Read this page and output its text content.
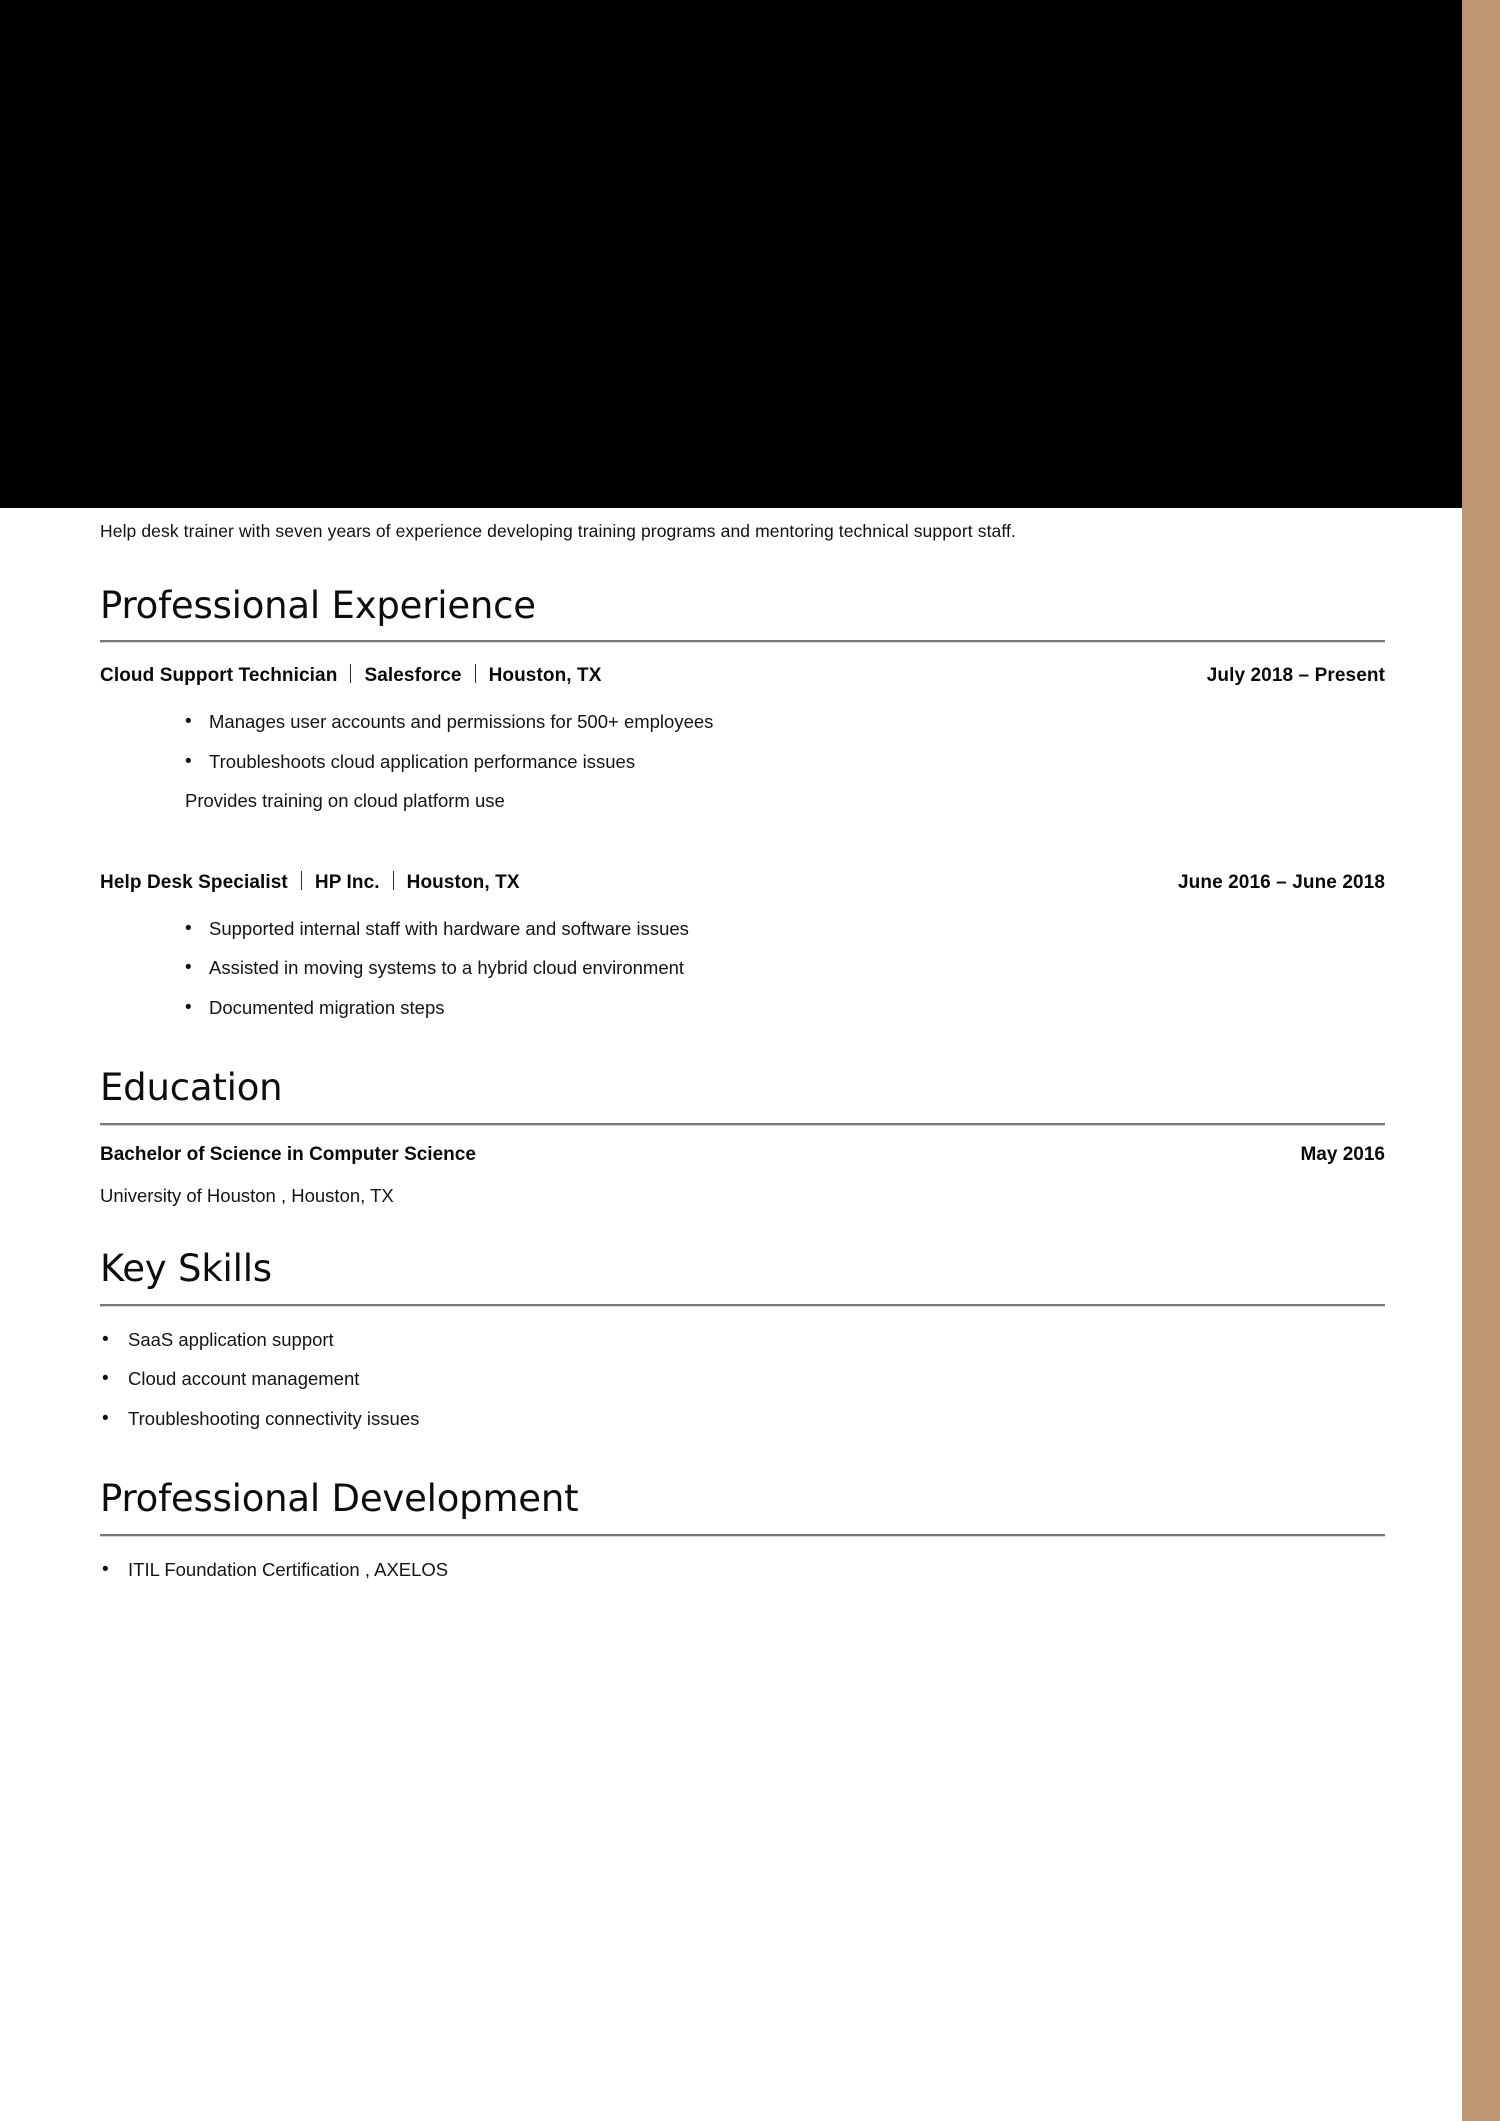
Help desk trainer with seven years of experience developing training programs and mentoring technical support staff.
Professional Experience
Cloud Support Technician Salesforce Houston, TX	July 2018 – Present
• Manages user accounts and permissions for 500+ employees
• Troubleshoots cloud application performance issues
Provides training on cloud platform use
Help Desk Specialist HP Inc. Houston, TX	June 2016 – June 2018
• Supported internal staff with hardware and software issues
• Assisted in moving systems to a hybrid cloud environment
• Documented migration steps
Education
Bachelor of Science in Computer Science	May 2016
University of Houston , Houston, TX
Key Skills
• SaaS application support
• Cloud account management
• Troubleshooting connectivity issues
Professional Development
• ITIL Foundation Certification , AXELOS
